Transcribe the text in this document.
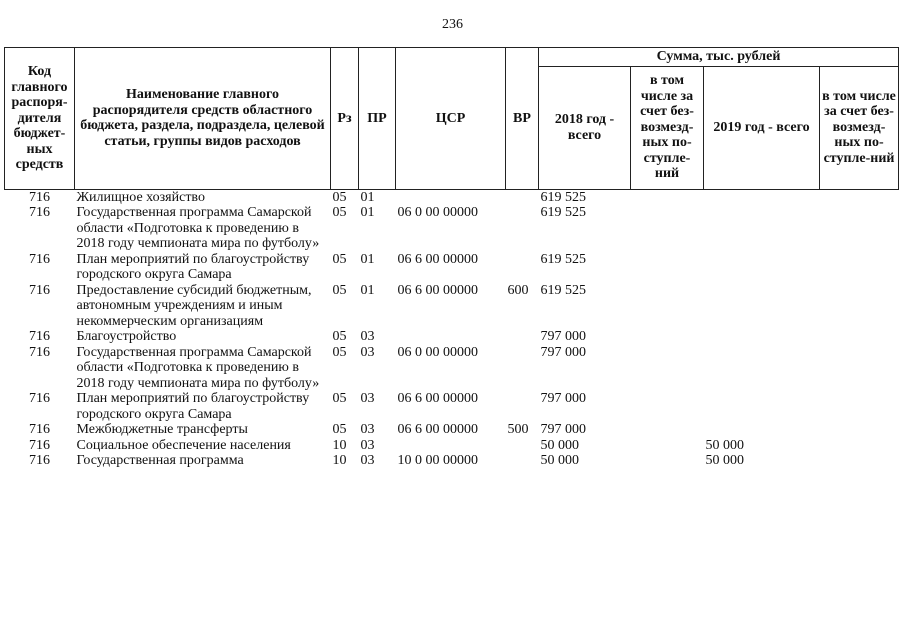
236
Код главного распоря-дителя бюджет-ных средств	Наименование главного распорядителя средств областного бюджета, раздела, подраздела, целевой статьи, группы видов расходов	Рз	ПР	ЦСР	ВР	Сумма, тыс. рублей			
						2018 год - всего	в том числе за счет без-возмезд-ных по-ступле-ний	2019 год - всего	в том числе за счет без-возмезд-ных по-ступле-ний
716	Жилищное хозяйство	05	01			619 525			
716	Государственная программа Самарской области «Подготовка к проведению в 2018 году чемпионата мира по футболу»	05	01	06 0 00 00000		619 525			
716	План мероприятий по благоустройству городского округа Самара	05	01	06 6 00 00000		619 525			
716	Предоставление субсидий бюджетным, автономным учреждениям и иным некоммерческим организациям	05	01	06 6 00 00000	600	619 525			
716	Благоустройство	05	03			797 000			
716	Государственная программа Самарской области «Подготовка к проведению в 2018 году чемпионата мира по футболу»	05	03	06 0 00 00000		797 000			
716	План мероприятий по благоустройству городского округа Самара	05	03	06 6 00 00000		797 000			
716	Межбюджетные трансферты	05	03	06 6 00 00000	500	797 000			
716	Социальное обеспечение населения	10	03			50 000		50 000	
716	Государственная программа	10	03	10 0 00 00000		50 000		50 000	
